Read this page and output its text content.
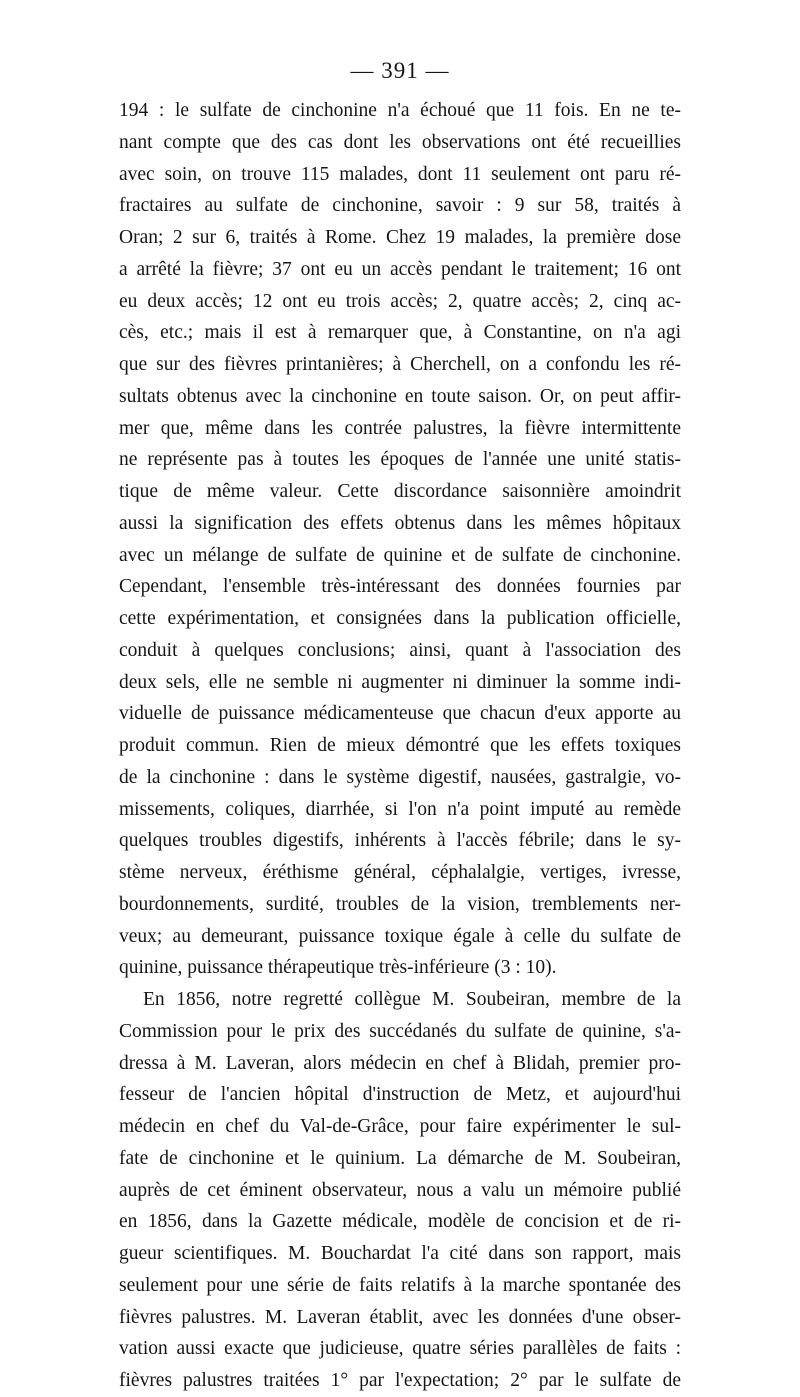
— 391 —
194 : le sulfate de cinchonine n'a échoué que 11 fois. En ne te-
nant compte que des cas dont les observations ont été recueillies
avec soin, on trouve 115 malades, dont 11 seulement ont paru ré-
fractaires au sulfate de cinchonine, savoir : 9 sur 58, traités à
Oran; 2 sur 6, traités à Rome. Chez 19 malades, la première dose
a arrêté la fièvre; 37 ont eu un accès pendant le traitement; 16 ont
eu deux accès; 12 ont eu trois accès; 2, quatre accès; 2, cinq ac-
cès, etc.; mais il est à remarquer que, à Constantine, on n'a agi
que sur des fièvres printanières; à Cherchell, on a confondu les ré-
sultats obtenus avec la cinchonine en toute saison. Or, on peut affir-
mer que, même dans les contrée palustres, la fièvre intermittente
ne représente pas à toutes les époques de l'année une unité statis-
tique de même valeur. Cette discordance saisonnière amoindrit
aussi la signification des effets obtenus dans les mêmes hôpitaux
avec un mélange de sulfate de quinine et de sulfate de cinchonine.
Cependant, l'ensemble très-intéressant des données fournies par
cette expérimentation, et consignées dans la publication officielle,
conduit à quelques conclusions; ainsi, quant à l'association des
deux sels, elle ne semble ni augmenter ni diminuer la somme indi-
viduelle de puissance médicamenteuse que chacun d'eux apporte au
produit commun. Rien de mieux démontré que les effets toxiques
de la cinchonine : dans le système digestif, nausées, gastralgie, vo-
missements, coliques, diarrhée, si l'on n'a point imputé au remède
quelques troubles digestifs, inhérents à l'accès fébrile; dans le sy-
stème nerveux, éréthisme général, céphalalgie, vertiges, ivresse,
bourdonnements, surdité, troubles de la vision, tremblements ner-
veux; au demeurant, puissance toxique égale à celle du sulfate de
quinine, puissance thérapeutique très-inférieure (3 : 10).
En 1856, notre regretté collègue M. Soubeiran, membre de la
Commission pour le prix des succédanés du sulfate de quinine, s'a-
dressa à M. Laveran, alors médecin en chef à Blidah, premier pro-
fesseur de l'ancien hôpital d'instruction de Metz, et aujourd'hui
médecin en chef du Val-de-Grâce, pour faire expérimenter le sul-
fate de cinchonine et le quinium. La démarche de M. Soubeiran,
auprès de cet éminent observateur, nous a valu un mémoire publié
en 1856, dans la Gazette médicale, modèle de concision et de ri-
gueur scientifiques. M. Bouchardat l'a cité dans son rapport, mais
seulement pour une série de faits relatifs à la marche spontanée des
fièvres palustres. M. Laveran établit, avec les données d'une obser-
vation aussi exacte que judicieuse, quatre séries parallèles de faits :
fièvres palustres traitées 1° par l'expectation; 2° par le sulfate de
